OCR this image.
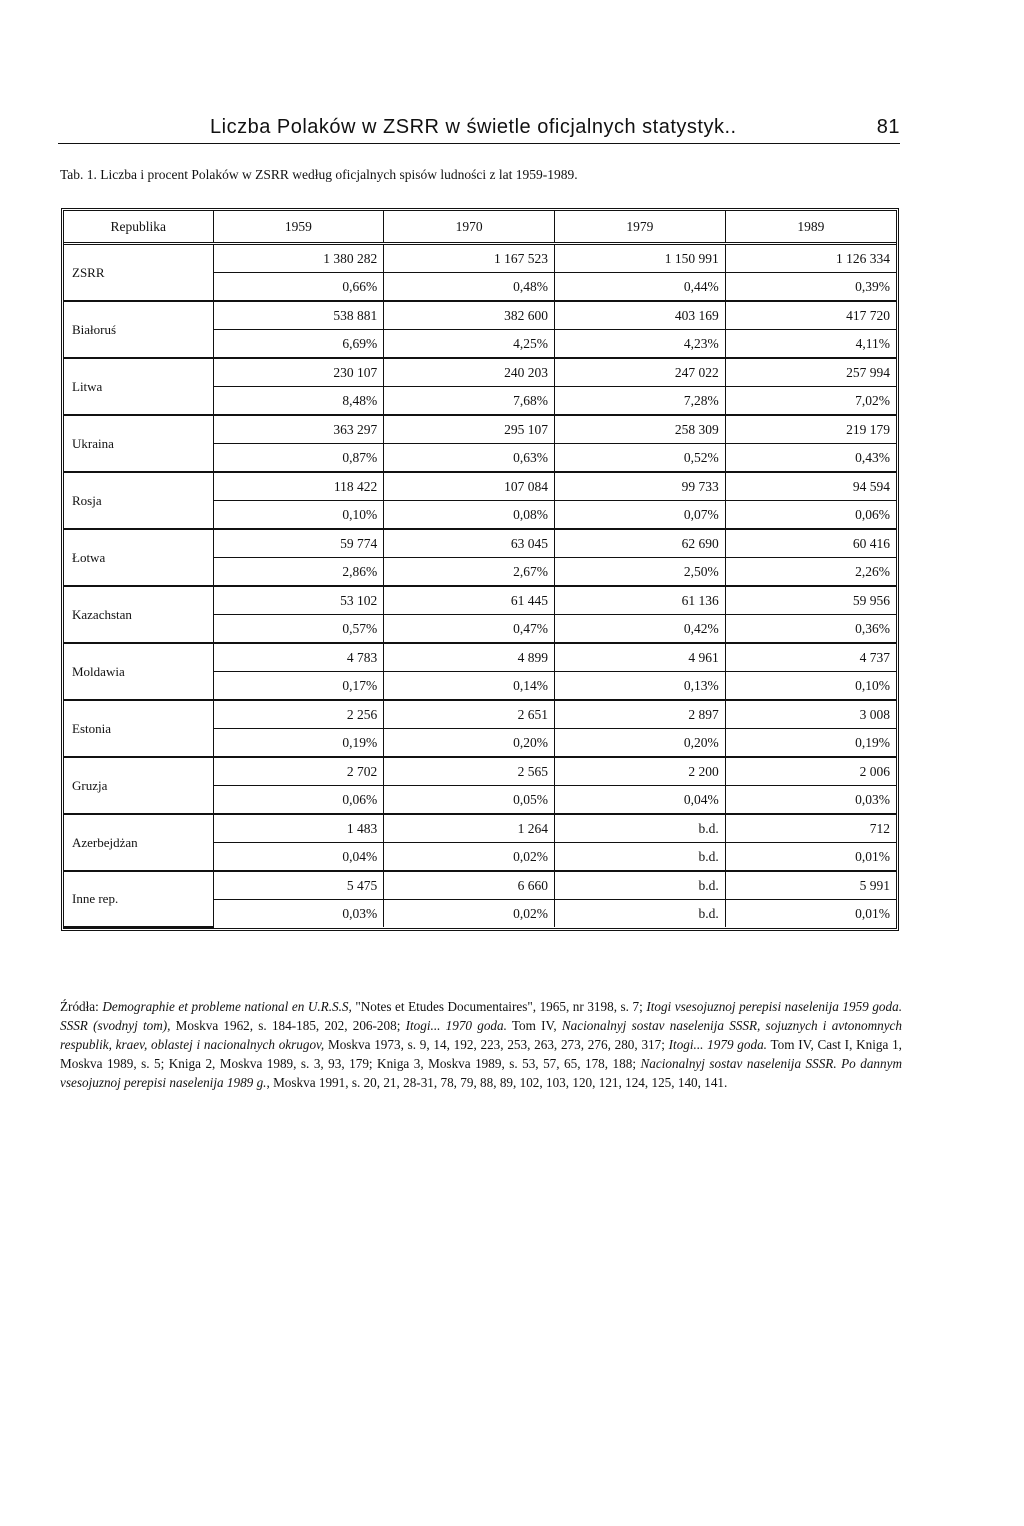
Liczba Polaków w ZSRR w świetle oficjalnych statystyk..	81
Tab. 1. Liczba i procent Polaków w ZSRR według oficjalnych spisów ludności z lat 1959-1989.
Republika	1959	1970	1979	1989
ZSRR	1 380 282	1 167 523	1 150 991	1 126 334
	0,66%	0,48%	0,44%	0,39%
Białoruś	538 881	382 600	403 169	417 720
	6,69%	4,25%	4,23%	4,11%
Litwa	230 107	240 203	247 022	257 994
	8,48%	7,68%	7,28%	7,02%
Ukraina	363 297	295 107	258 309	219 179
	0,87%	0,63%	0,52%	0,43%
Rosja	118 422	107 084	99 733	94 594
	0,10%	0,08%	0,07%	0,06%
Łotwa	59 774	63 045	62 690	60 416
	2,86%	2,67%	2,50%	2,26%
Kazachstan	53 102	61 445	61 136	59 956
	0,57%	0,47%	0,42%	0,36%
Moldawia	4 783	4 899	4 961	4 737
	0,17%	0,14%	0,13%	0,10%
Estonia	2 256	2 651	2 897	3 008
	0,19%	0,20%	0,20%	0,19%
Gruzja	2 702	2 565	2 200	2 006
	0,06%	0,05%	0,04%	0,03%
Azerbejdżan	1 483	1 264	b.d.	712
	0,04%	0,02%	b.d.	0,01%
Inne rep.	5 475	6 660	b.d.	5 991
	0,03%	0,02%	b.d.	0,01%
Źródła: Demographie et probleme national en U.R.S.S, "Notes et Etudes Documentaires", 1965, nr 3198, s. 7; Itogi vsesojuznoj perepisi naselenija 1959 goda. SSSR (svodnyj tom), Moskva 1962, s. 184-185, 202, 206-208; Itogi... 1970 goda. Tom IV, Nacionalnyj sostav naselenija SSSR, sojuznych i avtonomnych respublik, kraev, oblastej i nacionalnych okrugov, Moskva 1973, s. 9, 14, 192, 223, 253, 263, 273, 276, 280, 317; Itogi... 1979 goda. Tom IV, Cast I, Kniga 1, Moskva 1989, s. 5; Kniga 2, Moskva 1989, s. 3, 93, 179; Kniga 3, Moskva 1989, s. 53, 57, 65, 178, 188; Nacionalnyj sostav naselenija SSSR. Po dannym vsesojuznoj perepisi naselenija 1989 g., Moskva 1991, s. 20, 21, 28-31, 78, 79, 88, 89, 102, 103, 120, 121, 124, 125, 140, 141.
